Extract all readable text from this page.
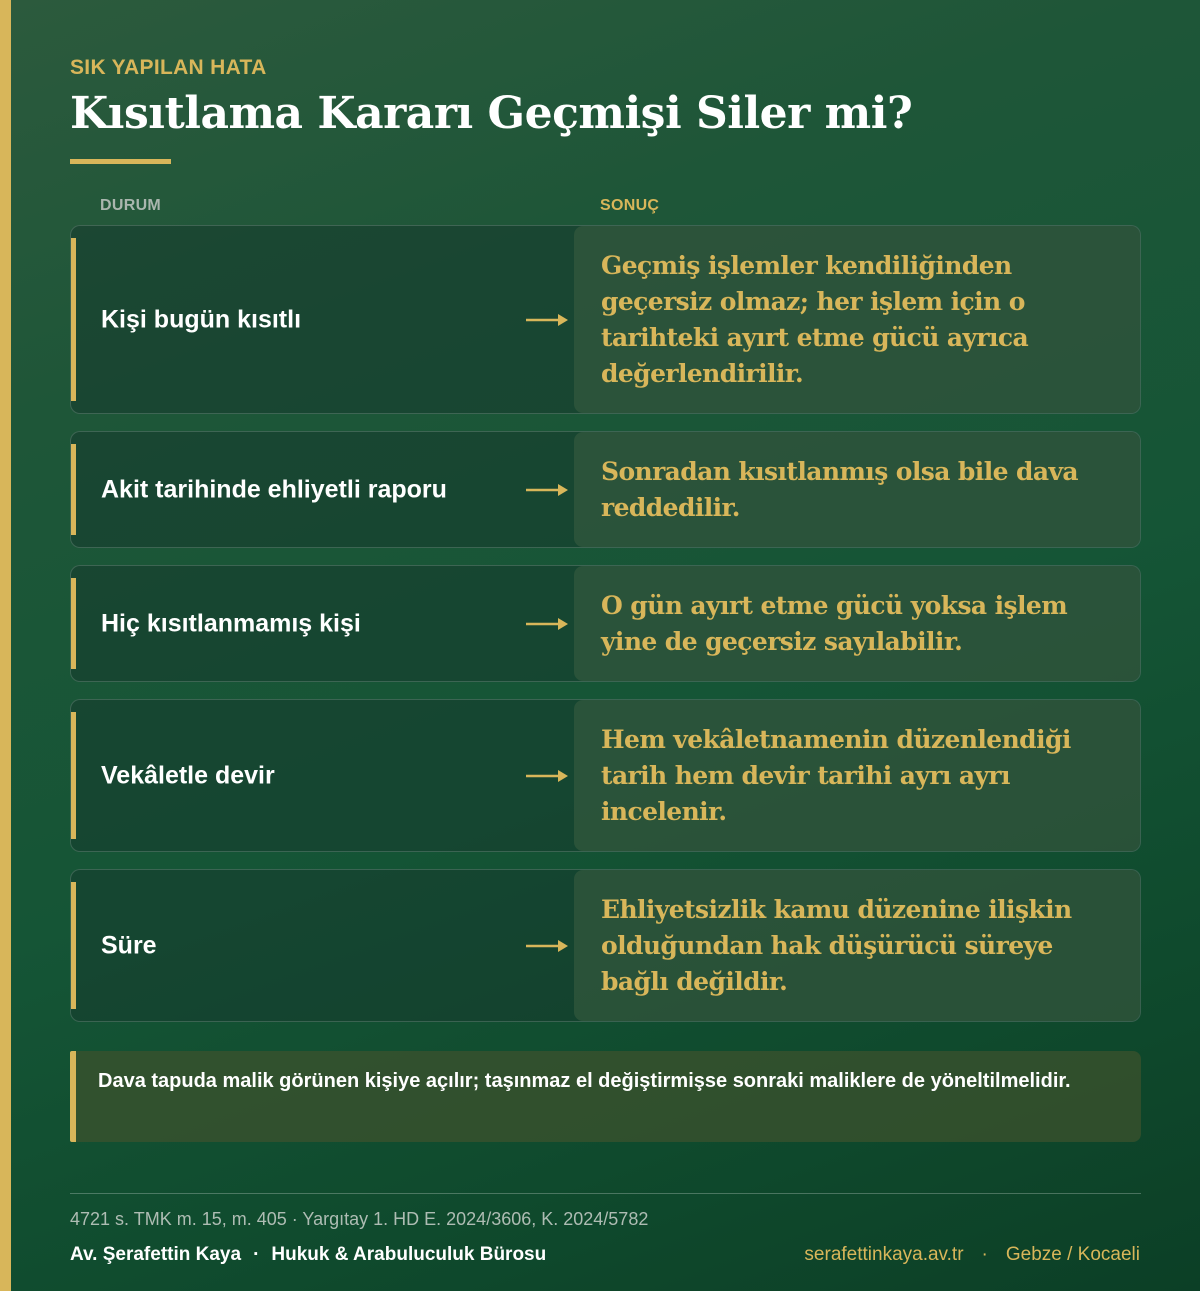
SIK YAPILAN HATA
Kısıtlama Kararı Geçmişi Siler mi?
DURUM	SONUÇ
Kişi bugün kısıtlı
Geçmiş işlemler kendiliğinden geçersiz olmaz; her işlem için o tarihteki ayırt etme gücü ayrıca değerlendirilir.
Akit tarihinde ehliyetli raporu
Sonradan kısıtlanmış olsa bile dava reddedilir.
Hiç kısıtlanmamış kişi
O gün ayırt etme gücü yoksa işlem yine de geçersiz sayılabilir.
Vekâletle devir
Hem vekâletnamenin düzenlendiği tarih hem devir tarihi ayrı ayrı incelenir.
Süre
Ehliyetsizlik kamu düzenine ilişkin olduğundan hak düşürücü süreye bağlı değildir.
Dava tapuda malik görünen kişiye açılır; taşınmaz el değiştirmişse sonraki maliklere de yöneltilmelidir.
4721 s. TMK m. 15, m. 405 · Yargıtay 1. HD E. 2024/3606, K. 2024/5782
Av. Şerafettin Kaya · Hukuk & Arabuluculuk Bürosu	serafettinkaya.av.tr · Gebze / Kocaeli
